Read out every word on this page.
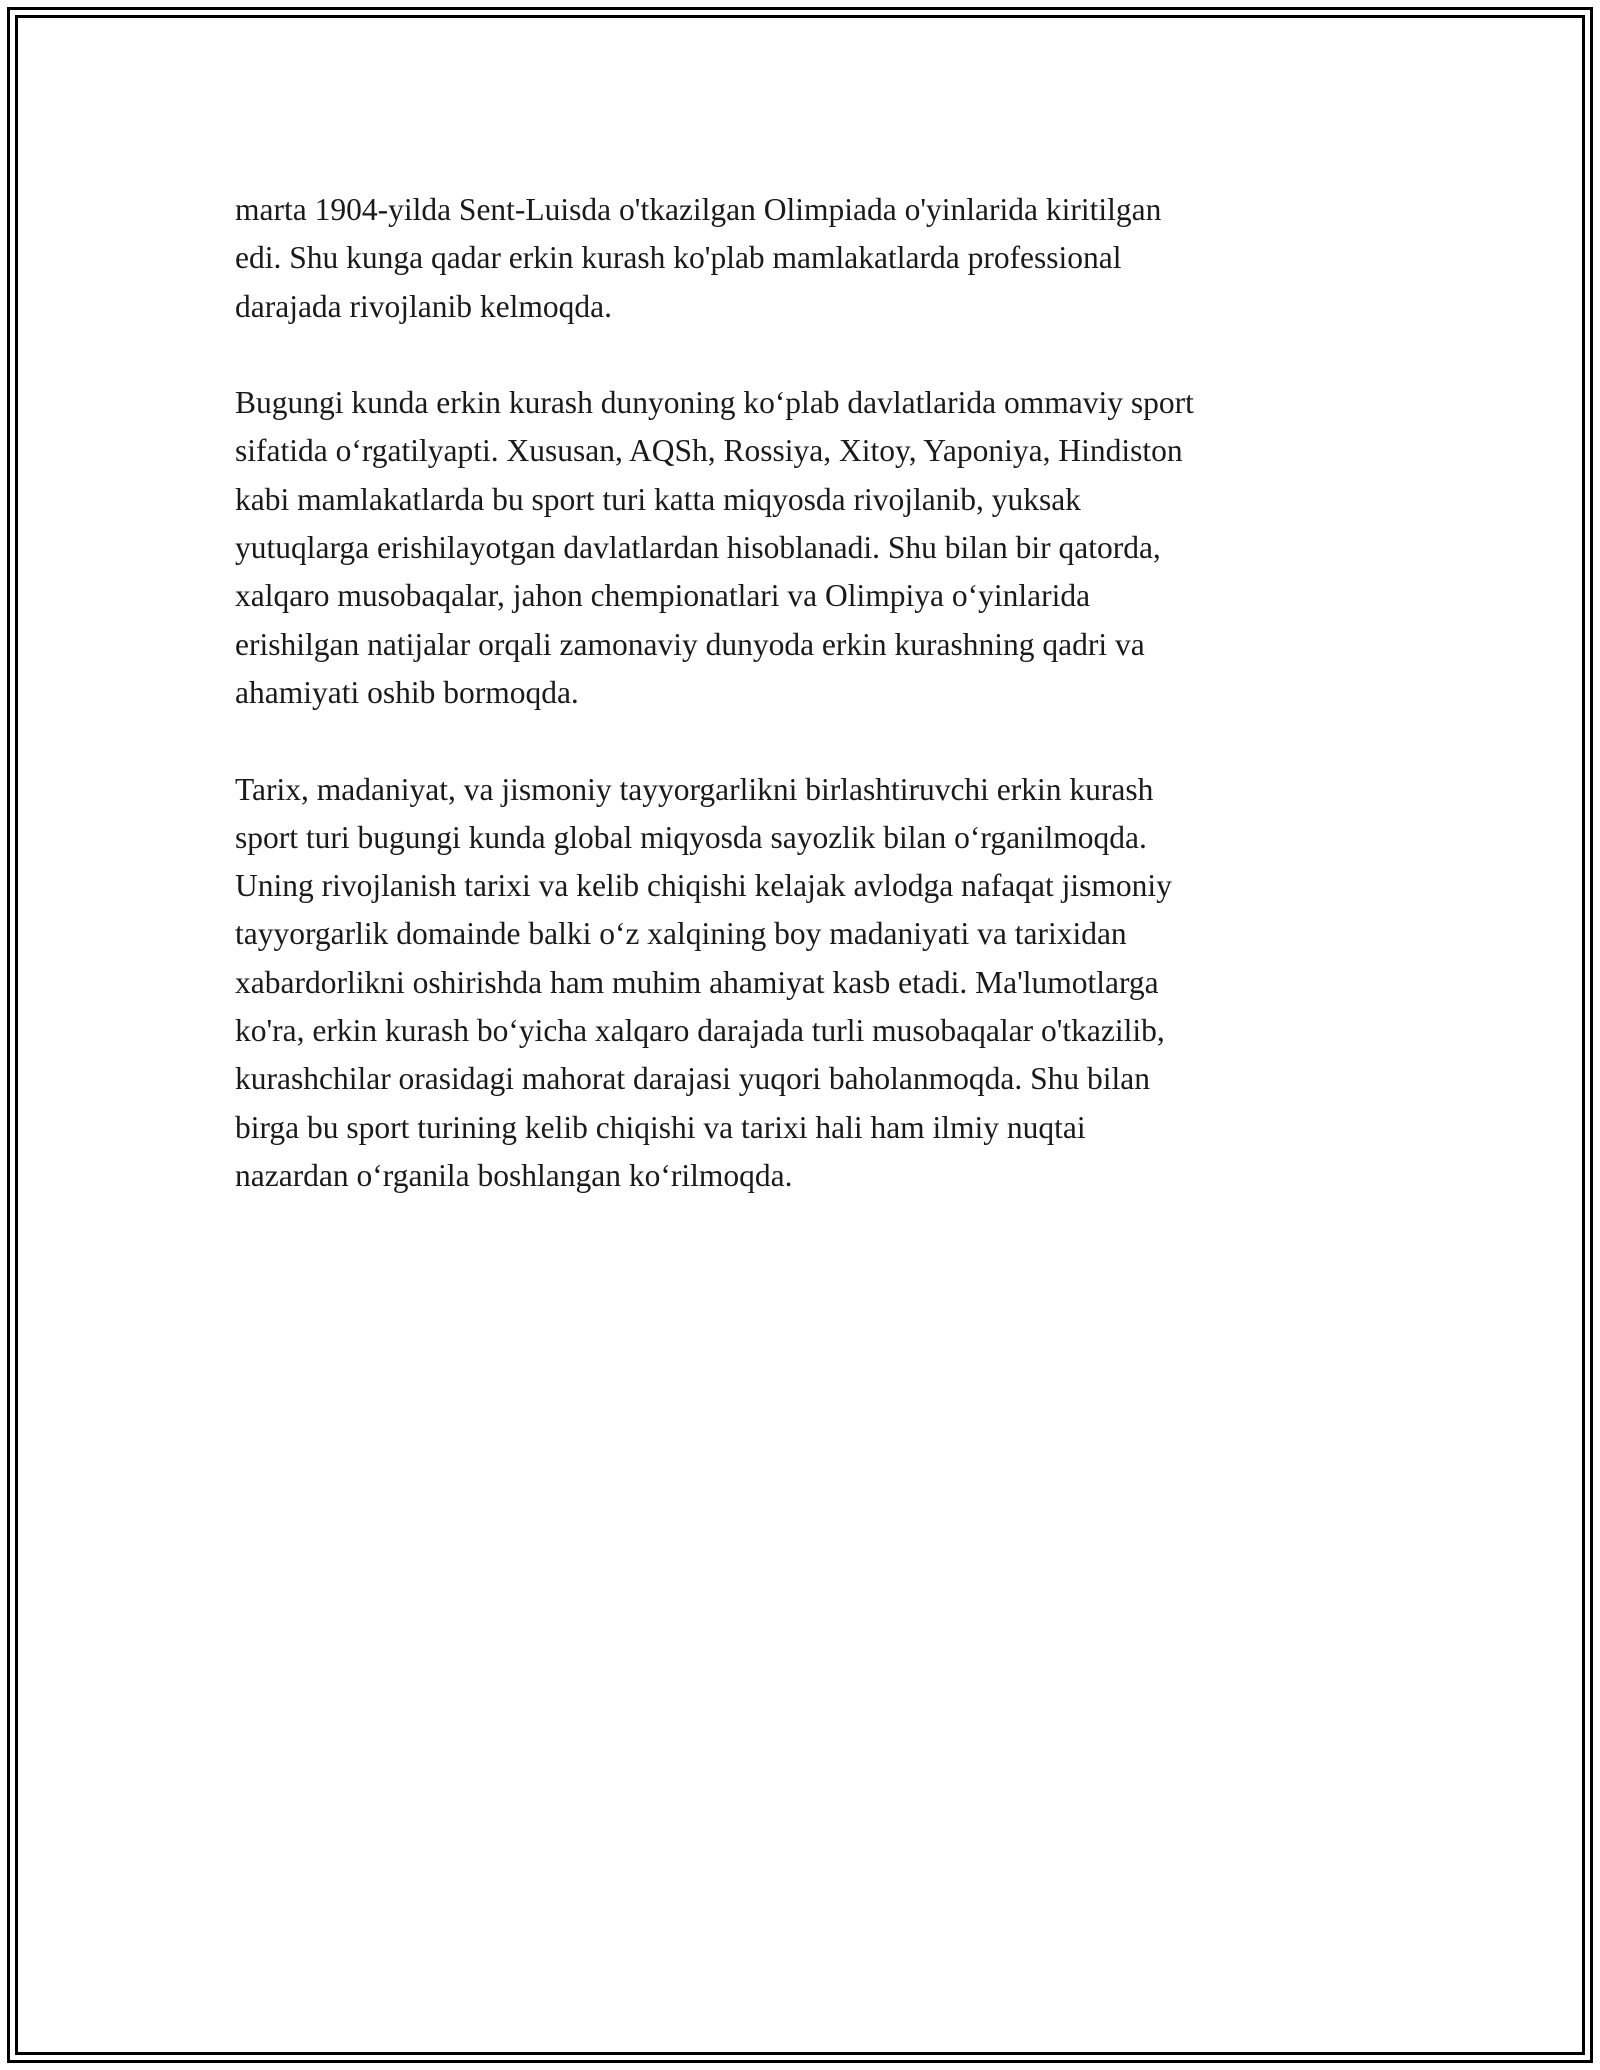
marta 1904-yilda Sent-Luisda o'tkazilgan Olimpiada o'yinlarida kiritilgan
edi. Shu kunga qadar erkin kurash ko'plab mamlakatlarda professional
darajada rivojlanib kelmoqda.

Bugungi kunda erkin kurash dunyoning ko‘plab davlatlarida ommaviy sport
sifatida o‘rgatilyapti. Xususan, AQSh, Rossiya, Xitoy, Yaponiya, Hindiston
kabi mamlakatlarda bu sport turi katta miqyosda rivojlanib, yuksak
yutuqlarga erishilayotgan davlatlardan hisoblanadi. Shu bilan bir qatorda,
xalqaro musobaqalar, jahon chempionatlari va Olimpiya o‘yinlarida
erishilgan natijalar orqali zamonaviy dunyoda erkin kurashning qadri va
ahamiyati oshib bormoqda.

Tarix, madaniyat, va jismoniy tayyorgarlikni birlashtiruvchi erkin kurash
sport turi bugungi kunda global miqyosda sayozlik bilan o‘rganilmoqda.
Uning rivojlanish tarixi va kelib chiqishi kelajak avlodga nafaqat jismoniy
tayyorgarlik domainde balki o‘z xalqining boy madaniyati va tarixidan
xabardorlikni oshirishda ham muhim ahamiyat kasb etadi. Ma'lumotlarga
ko'ra, erkin kurash bo‘yicha xalqaro darajada turli musobaqalar o'tkazilib,
kurashchilar orasidagi mahorat darajasi yuqori baholanmoqda. Shu bilan
birga bu sport turining kelib chiqishi va tarixi hali ham ilmiy nuqtai
nazardan o‘rganila boshlangan ko‘rilmoqda.
